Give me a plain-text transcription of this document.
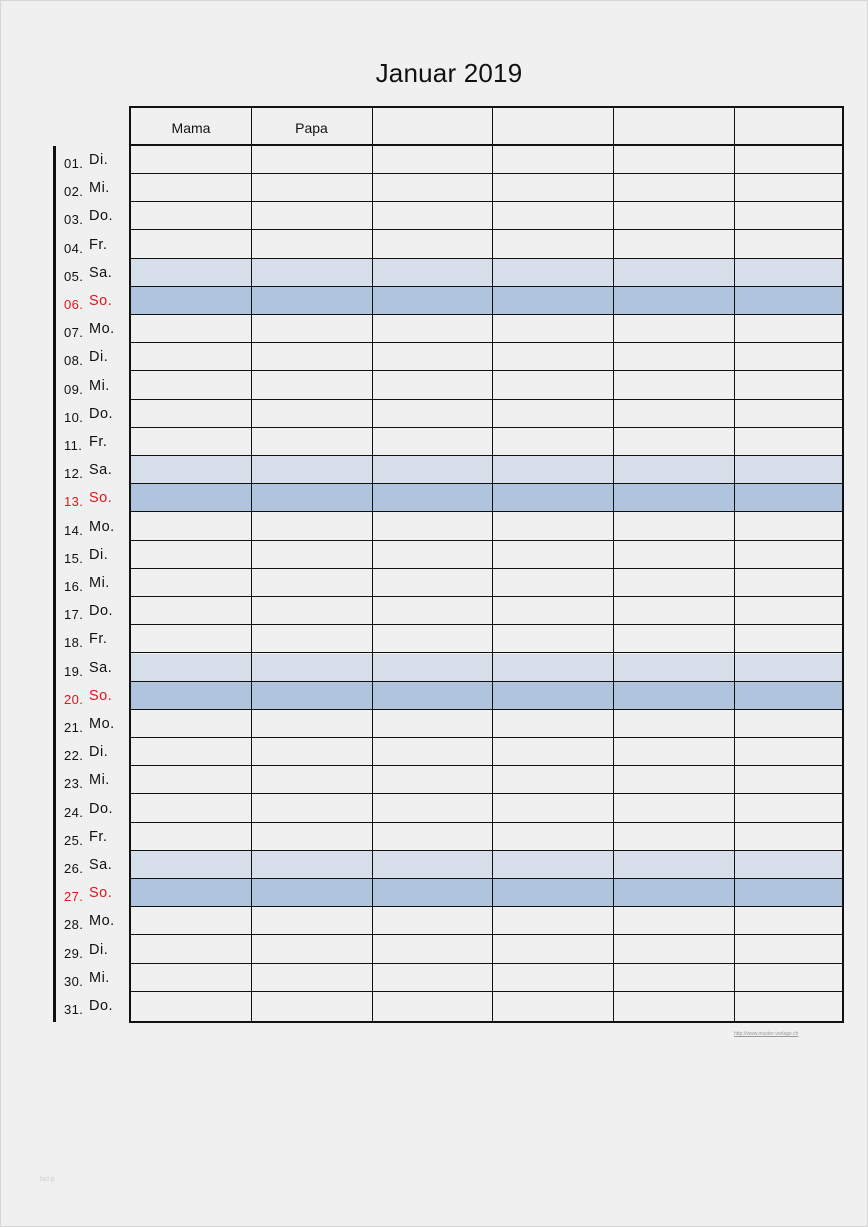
Januar 2019
01. Di.
02. Mi.
03. Do.
04. Fr.
05. Sa.
06. So.
07. Mo.
08. Di.
09. Mi.
10. Do.
11. Fr.
12. Sa.
13. So.
14. Mo.
15. Di.
16. Mi.
17. Do.
18. Fr.
19. Sa.
20. So.
21. Mo.
22. Di.
23. Mi.
24. Do.
25. Fr.
26. Sa.
27. So.
28. Mo.
29. Di.
30. Mi.
31. Do.
Mama	Papa
http://www.muster-vorlage.ch
hcl p
